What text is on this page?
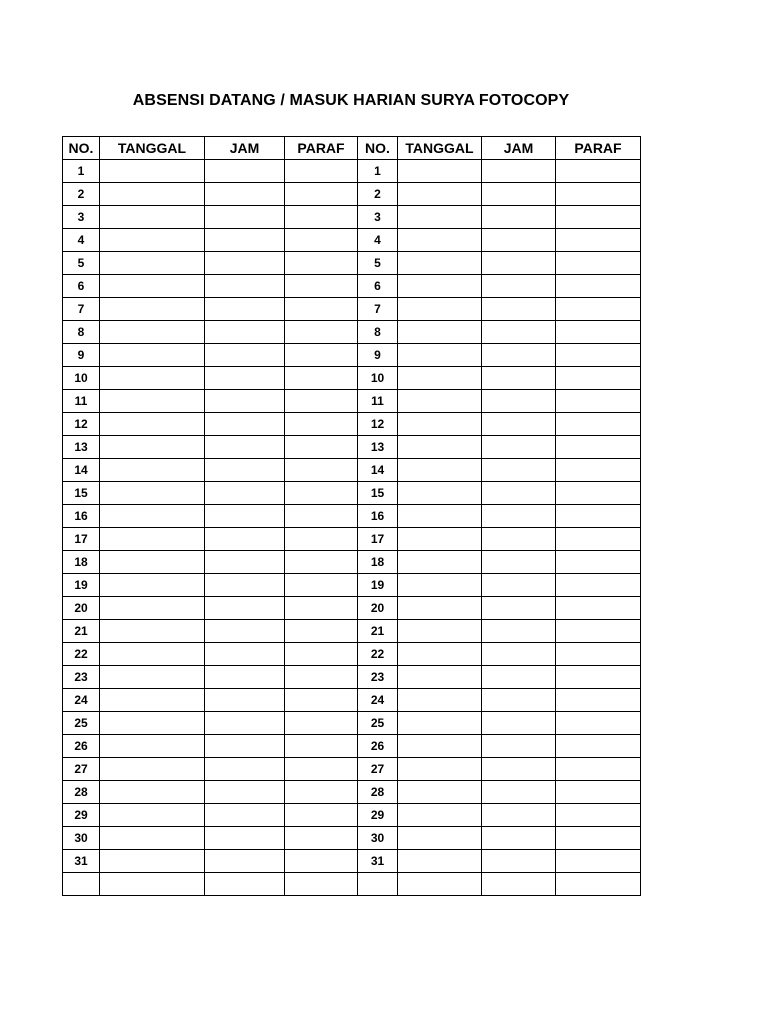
ABSENSI DATANG / MASUK HARIAN SURYA FOTOCOPY
NO.	TANGGAL	JAM	PARAF	NO.	TANGGAL	JAM	PARAF
1				1			
2				2			
3				3			
4				4			
5				5			
6				6			
7				7			
8				8			
9				9			
10				10			
11				11			
12				12			
13				13			
14				14			
15				15			
16				16			
17				17			
18				18			
19				19			
20				20			
21				21			
22				22			
23				23			
24				24			
25				25			
26				26			
27				27			
28				28			
29				29			
30				30			
31				31			
